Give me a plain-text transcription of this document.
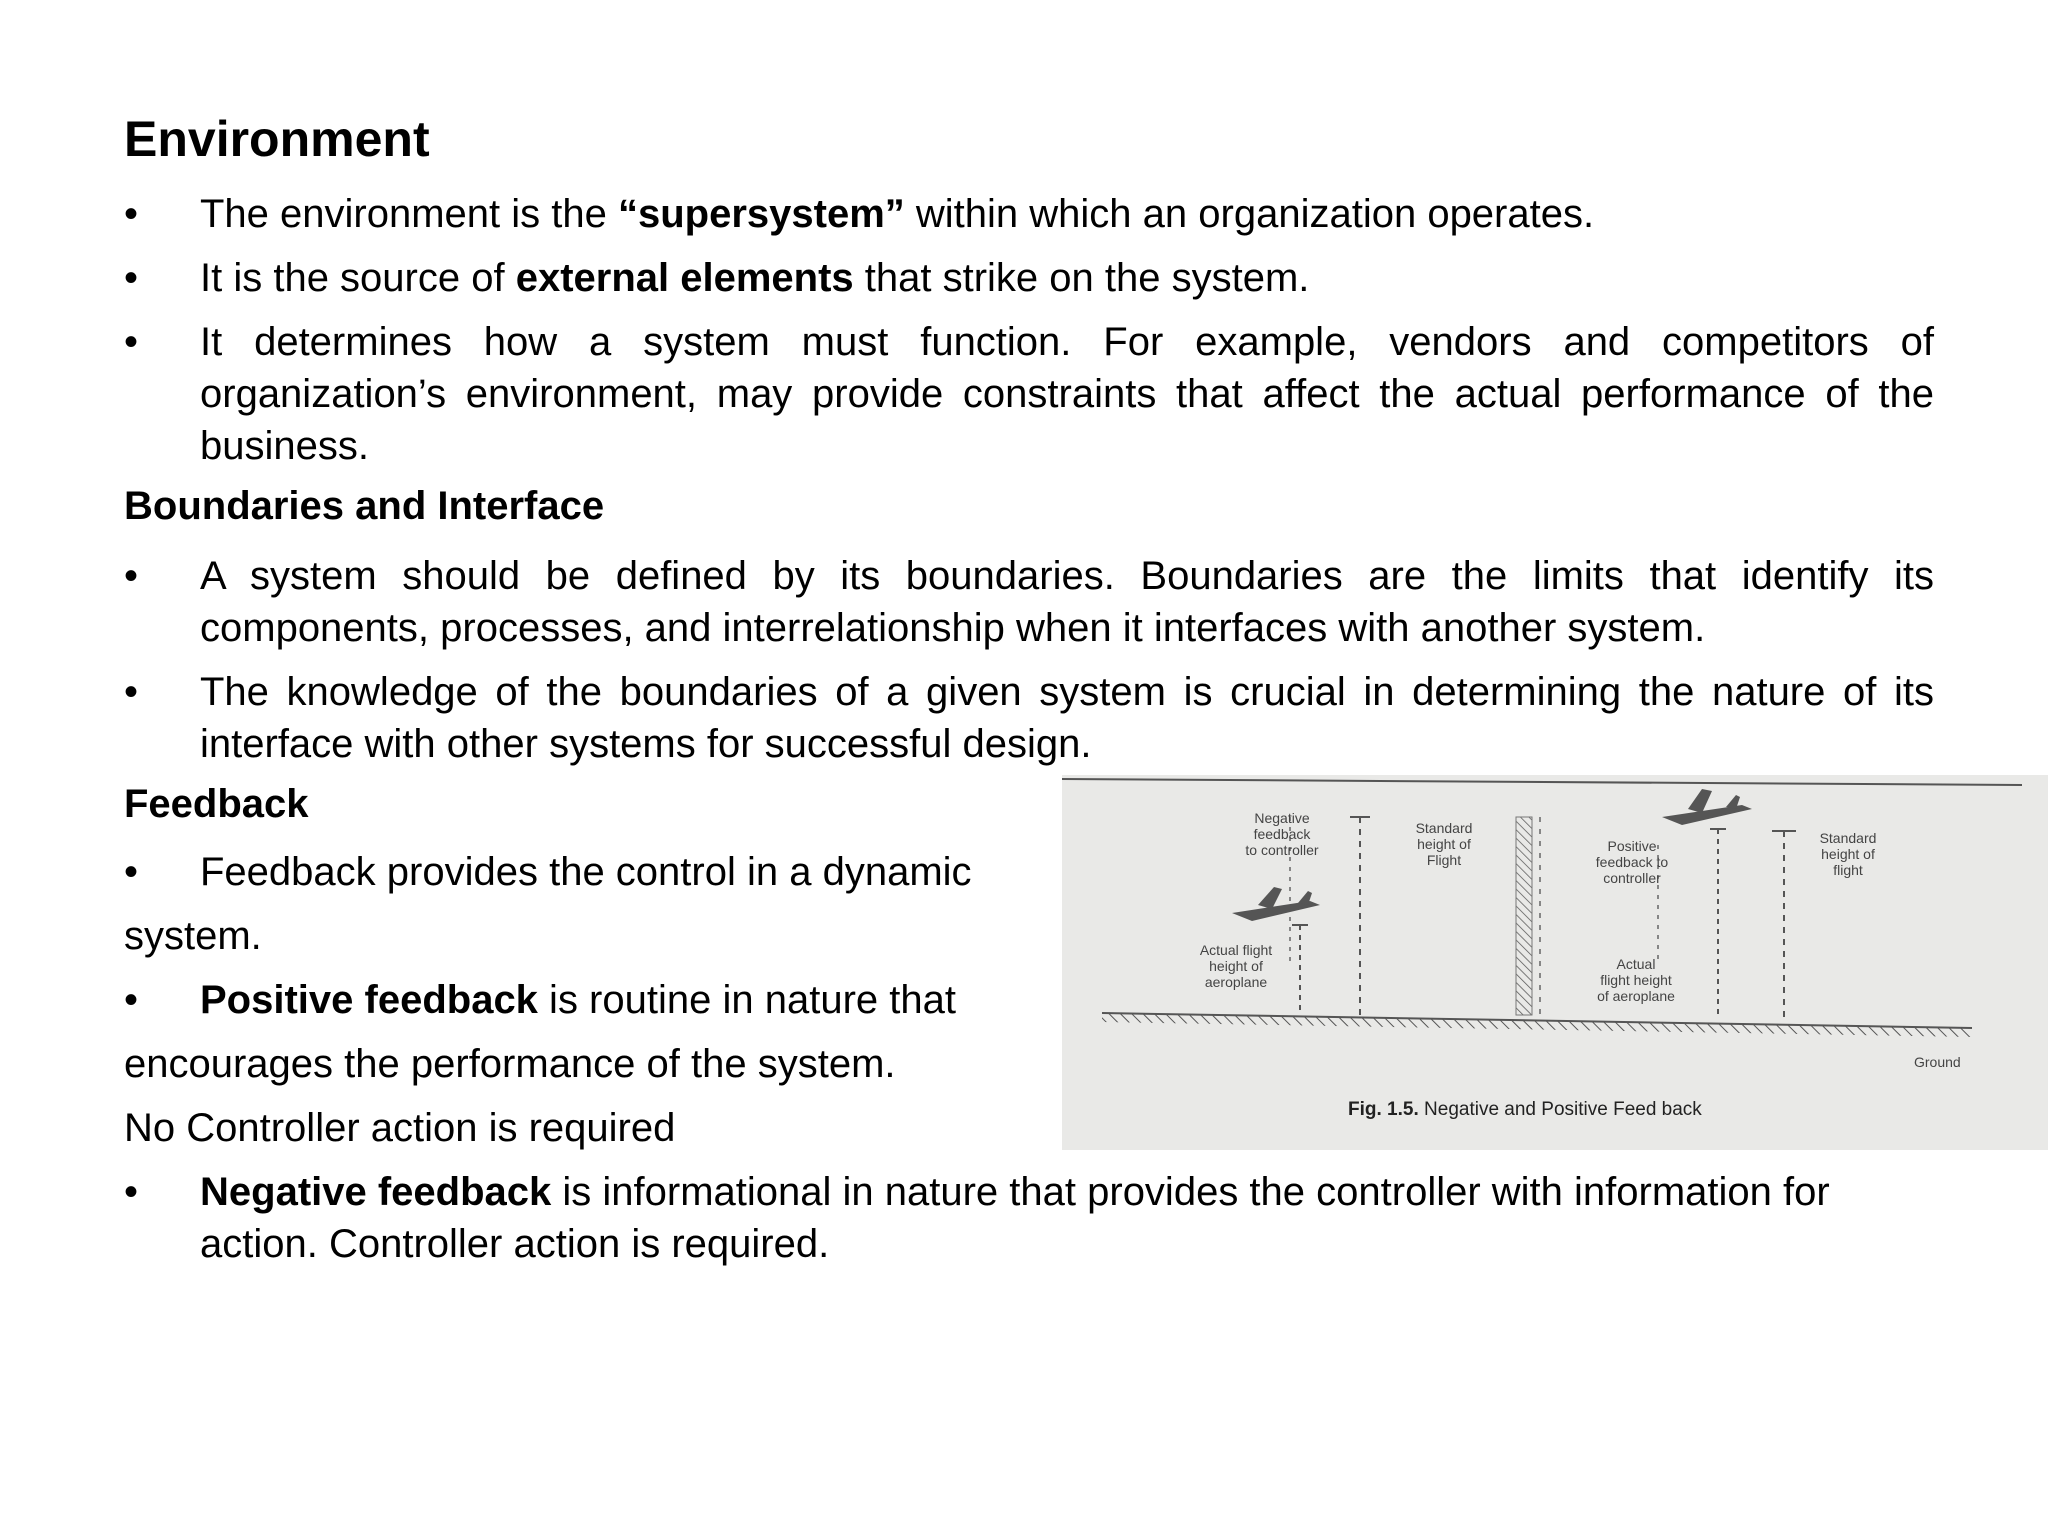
Environment
•	The environment is the “supersystem” within which an organization operates.
•	It is the source of external elements that strike on the system.
•	It determines how a system must function. For example, vendors and competitors of organization’s environment, may provide constraints that affect the actual performance of the business.
Boundaries and Interface
•	A system should be defined by its boundaries. Boundaries are the limits that identify its components, processes, and interrelationship when it interfaces with another system.
•	The knowledge of the boundaries of a given system is crucial in determining the nature of its interface with other systems for successful design.
Feedback
•	Feedback provides the control in a dynamic
system.
•	Positive feedback is routine in nature that
encourages the performance of the system.
No Controller action is required
•	Negative feedback is informational in nature that provides the controller with information for action. Controller action is required.
Ground
Negative
feedback
to controller
Standard
height of
Flight
Positive
feedback to
controller
Standard
height of
flight
Actual flight
height of
aeroplane
Actual
flight height
of aeroplane
Fig. 1.5. Negative and Positive Feed back
